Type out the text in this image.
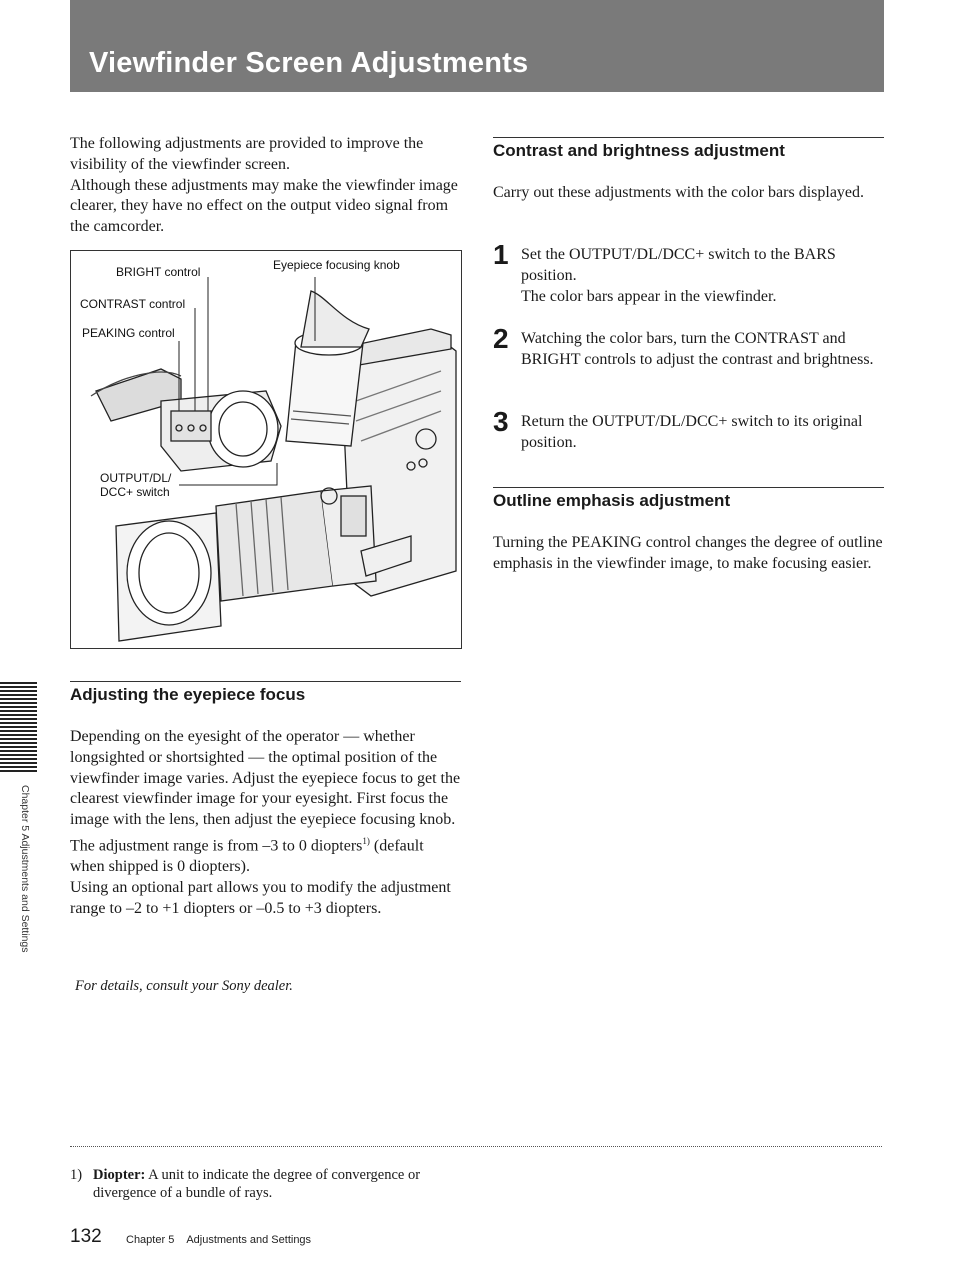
Viewfinder Screen Adjustments

The following adjustments are provided to improve the visibility of the viewfinder screen.

Although these adjustments may make the viewfinder image clearer, they have no effect on the output video signal from the camcorder.

BRIGHT control	Eyepiece focusing knob
CONTRAST control
PEAKING control
OUTPUT/DL/
DCC+ switch
Adjusting the eyepiece focus

Depending on the eyesight of the operator — whether longsighted or shortsighted — the optimal position of the viewfinder image varies. Adjust the eyepiece focus to get the clearest viewfinder image for your eyesight. First focus the image with the lens, then adjust the eyepiece focusing knob. The adjustment range is from –3 to 0 diopters$^{1)}$ (default when shipped is 0 diopters).

Using an optional part allows you to modify the adjustment range to –2 to +1 diopters or –0.5 to +3 diopters.

For details, consult your Sony dealer.
Contrast and brightness adjustment

Carry out these adjustments with the color bars displayed.

1 Set the OUTPUT/DL/DCC+ switch to the BARS position.
The color bars appear in the viewfinder.
2 Watching the color bars, turn the CONTRAST and BRIGHT controls to adjust the contrast and brightness.
3 Return the OUTPUT/DL/DCC+ switch to its original position.
Outline emphasis adjustment

Turning the PEAKING control changes the degree of outline emphasis in the viewfinder image, to make focusing easier.

Chapter 5 Adjustments and Settings
1) Diopter: A unit to indicate the degree of convergence or divergence of a bundle of rays.
132 Chapter 5 Adjustments and Settings
